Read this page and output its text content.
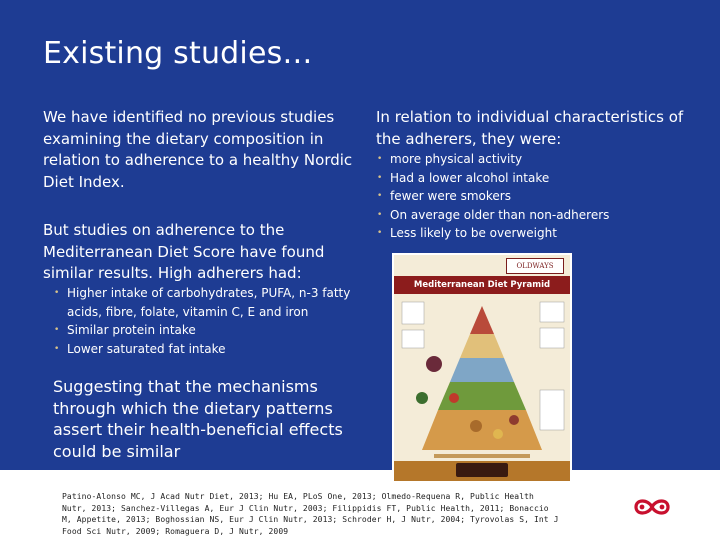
Existing studies…

We have identified no previous studies examining the dietary composition in relation to adherence to a healthy Nordic Diet Index.

But studies on adherence to the Mediterranean Diet Score have found similar results. High adherers had:

• Higher intake of carbohydrates, PUFA, n-3 fatty acids, fibre, folate, vitamin C, E and iron
• Similar protein intake
• Lower saturated fat intake

Suggesting that the mechanisms through which the dietary patterns assert their health-beneficial effects could be similar

In relation to individual characteristics of the adherers, they were:

• more physical activity
• Had a lower alcohol intake
• fewer were smokers
• On average older than non-adherers
• Less likely to be overweight
OLDWAYS
Mediterranean Diet Pyramid

Patino-Alonso MC, J Acad Nutr Diet, 2013; Hu EA, PLoS One, 2013; Olmedo-Requena R, Public Health Nutr, 2013; Sanchez-Villegas A, Eur J Clin Nutr, 2003; Filippidis FT, Public Health, 2011; Bonaccio M, Appetite, 2013; Boghossian NS, Eur J Clin Nutr, 2013; Schroder H, J Nutr, 2004; Tyrovolas S, Int J Food Sci Nutr, 2009; Romaguera D, J Nutr, 2009
